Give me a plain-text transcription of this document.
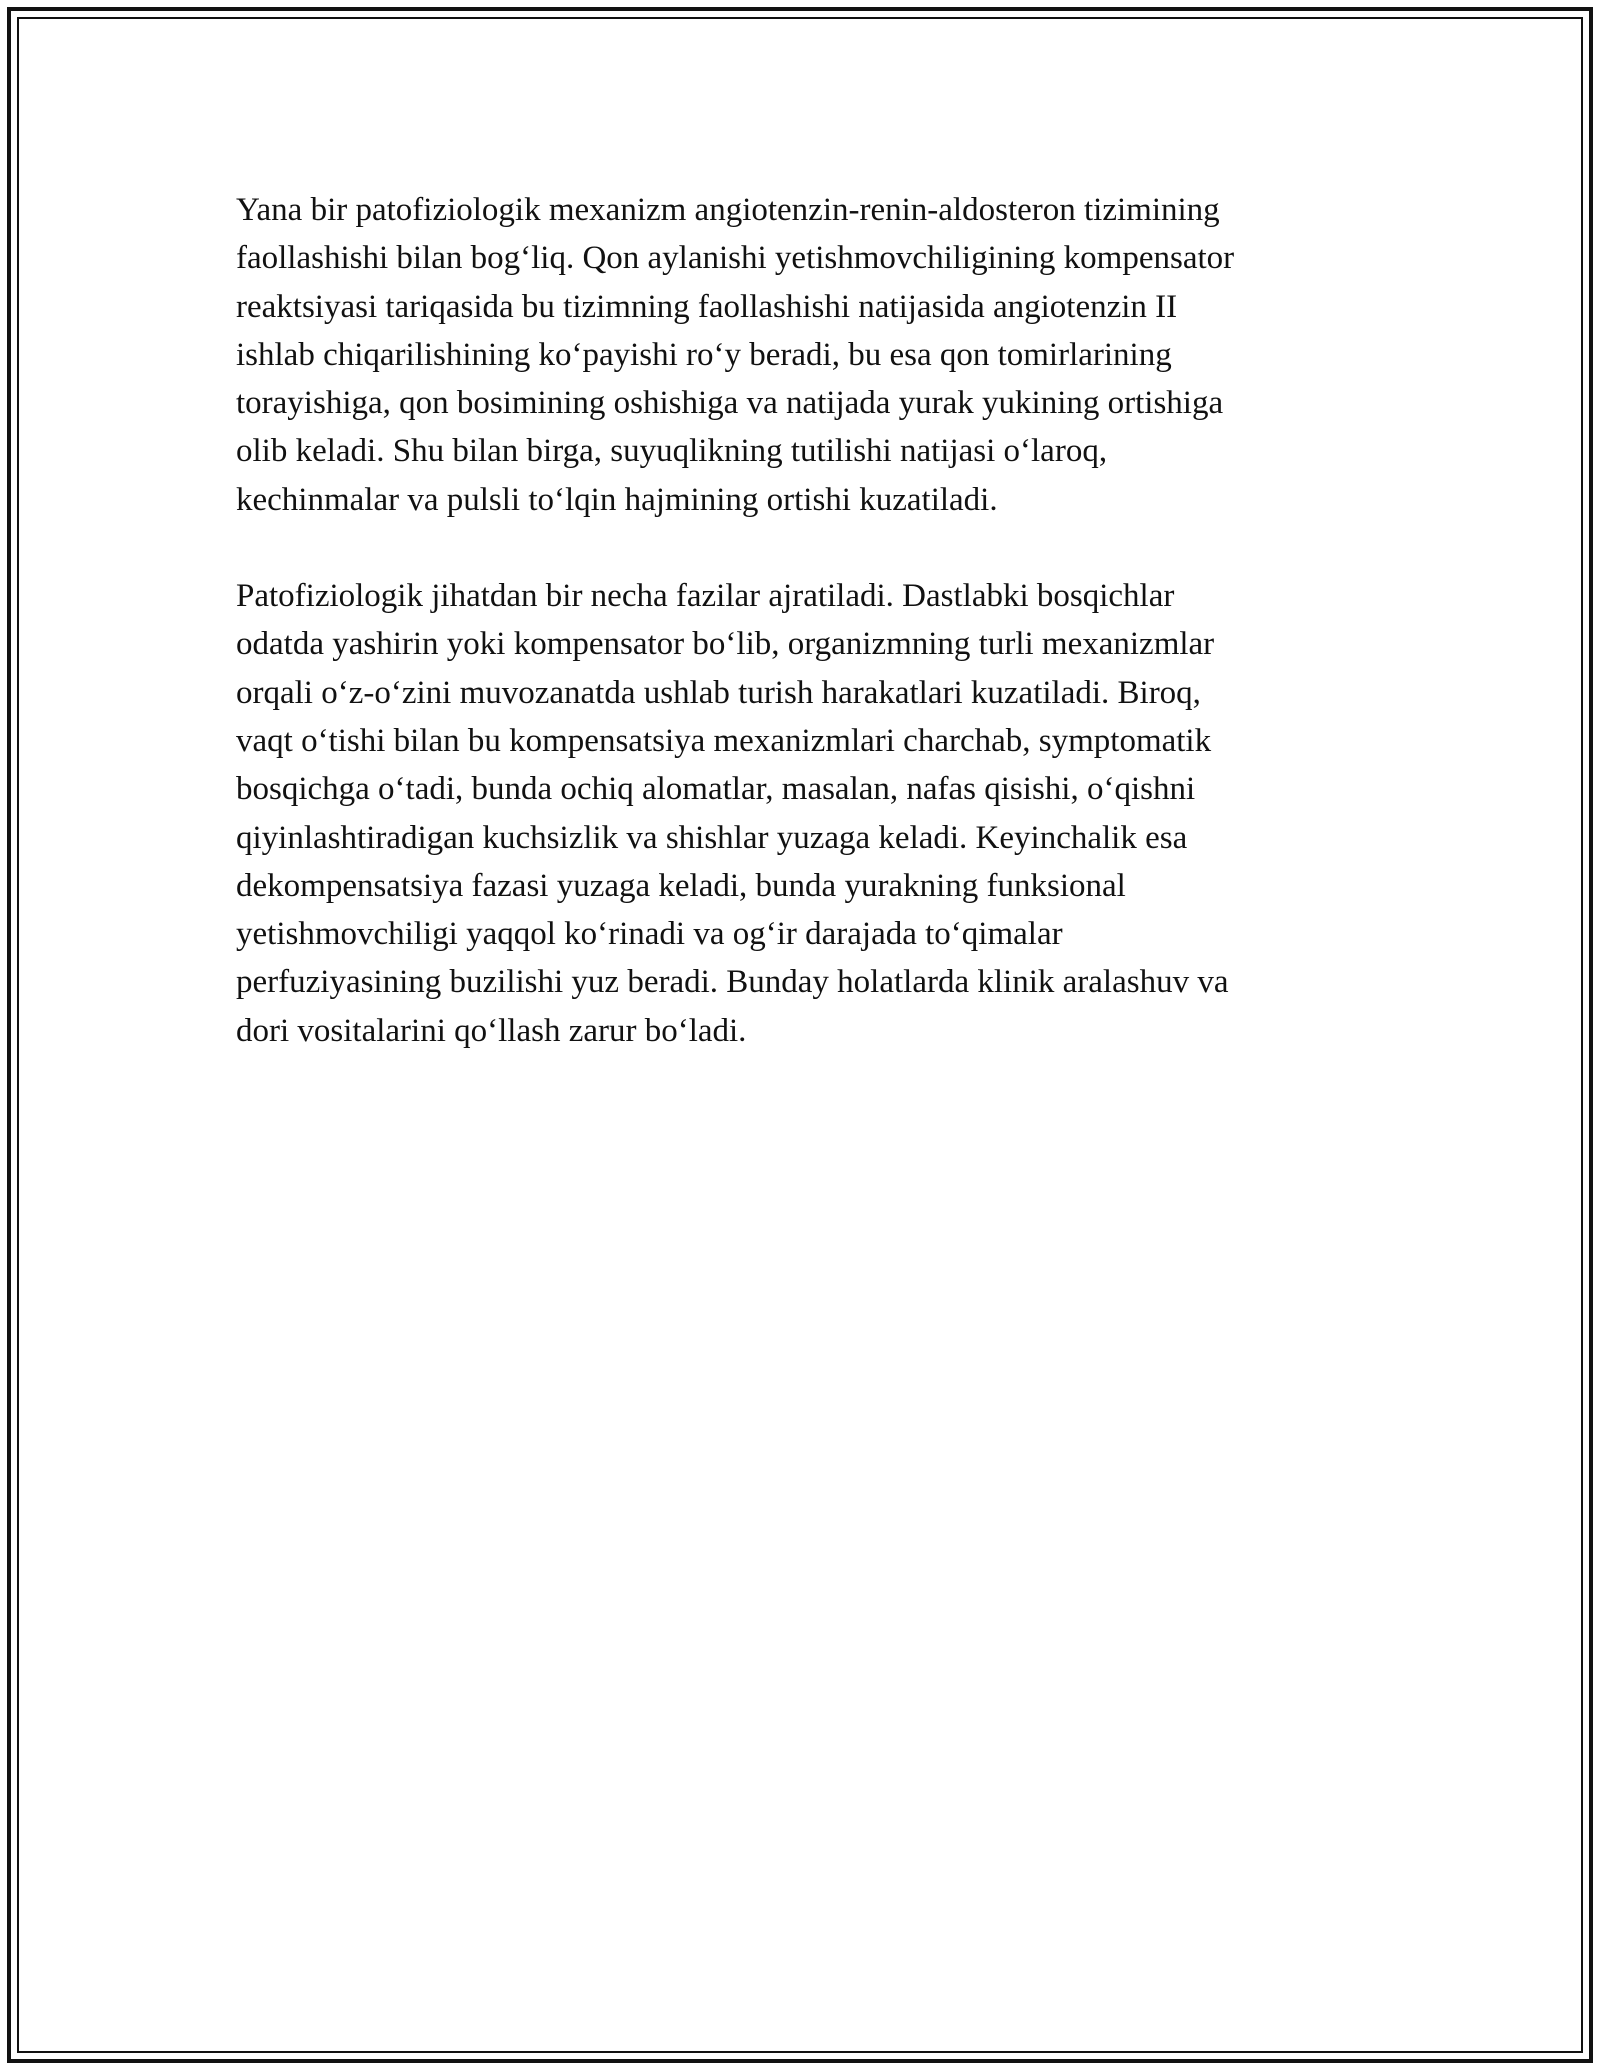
Yana bir patofiziologik mexanizm angiotenzin-renin-aldosteron tizimining
faollashishi bilan bog‘liq. Qon aylanishi yetishmovchiligining kompensator
reaktsiyasi tariqasida bu tizimning faollashishi natijasida angiotenzin II
ishlab chiqarilishining ko‘payishi ro‘y beradi, bu esa qon tomirlarining
torayishiga, qon bosimining oshishiga va natijada yurak yukining ortishiga
olib keladi. Shu bilan birga, suyuqlikning tutilishi natijasi o‘laroq,
kechinmalar va pulsli to‘lqin hajmining ortishi kuzatiladi.

Patofiziologik jihatdan bir necha fazilar ajratiladi. Dastlabki bosqichlar
odatda yashirin yoki kompensator bo‘lib, organizmning turli mexanizmlar
orqali o‘z-o‘zini muvozanatda ushlab turish harakatlari kuzatiladi. Biroq,
vaqt o‘tishi bilan bu kompensatsiya mexanizmlari charchab, symptomatik
bosqichga o‘tadi, bunda ochiq alomatlar, masalan, nafas qisishi, o‘qishni
qiyinlashtiradigan kuchsizlik va shishlar yuzaga keladi. Keyinchalik esa
dekompensatsiya fazasi yuzaga keladi, bunda yurakning funksional
yetishmovchiligi yaqqol ko‘rinadi va og‘ir darajada to‘qimalar
perfuziyasining buzilishi yuz beradi. Bunday holatlarda klinik aralashuv va
dori vositalarini qo‘llash zarur bo‘ladi.
